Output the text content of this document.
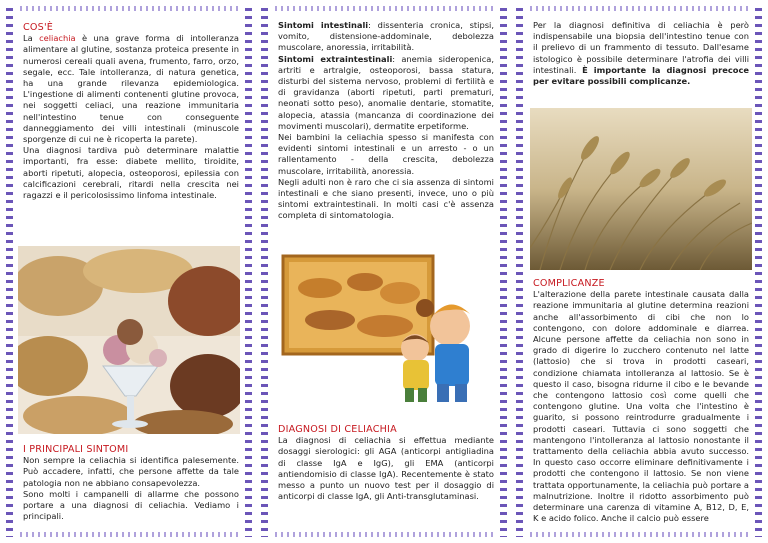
COS'È

La celiachia è una grave forma di intolleranza alimentare al glutine, sostanza proteica presente in numerosi cereali quali avena, frumento, farro, orzo, segale, ecc. Tale intolleranza, di natura genetica, ha una grande rilevanza epidemiologica. L'ingestione di alimenti contenenti glutine provoca, nei soggetti celiaci, una reazione immunitaria nell'intestino tenue con conseguente danneggiamento dei villi intestinali (minuscole sporgenze di cui ne è ricoperta la parete).

Una diagnosi tardiva può determinare malattie importanti, fra esse: diabete mellito, tiroidite, aborti ripetuti, alopecia, osteoporosi, epilessia con calcificazioni cerebrali, ritardi nella crescita nei ragazzi e il pericolosissimo linfoma intestinale.

I PRINCIPALI SINTOMI

Non sempre la celiachia si identifica palesemente. Può accadere, infatti, che persone affette da tale patologia non ne abbiano consapevolezza.

Sono molti i campanelli di allarme che possono portare a una diagnosi di celiachia. Vediamo i principali.

Sintomi intestinali: dissenteria cronica, stipsi, vomito, distensione-addominale, debolezza muscolare, anoressia, irritabilità.

Sintomi extraintestinali: anemia sideropenica, artriti e artralgie, osteoporosi, bassa statura, disturbi del sistema nervoso, problemi di fertilità e di gravidanza (aborti ripetuti, parti prematuri, neonati sotto peso), anomalie dentarie, stomatite, alopecia, atassia (mancanza di coordinazione dei movimenti muscolari), dermatite erpetiforme.

Nei bambini la celiachia spesso si manifesta con evidenti sintomi intestinali e un arresto - o un rallentamento - della crescita, debolezza muscolare, irritabilità, anoressia.

Negli adulti non è raro che ci sia assenza di sintomi intestinali e che siano presenti, invece, uno o più sintomi extraintestinali. In molti casi c'è assenza completa di sintomatologia.

DIAGNOSI DI CELIACHIA

La diagnosi di celiachia si effettua mediante dosaggi sierologici: gli AGA (anticorpi antigliadina di classe IgA e IgG), gli EMA (anticorpi antiendomisio di classe IgA). Recentemente è stato messo a punto un nuovo test per il dosaggio di anticorpi di classe IgA, gli Anti-transglutaminasi.

Per la diagnosi definitiva di celiachia è però indispensabile una biopsia dell'intestino tenue con il prelievo di un frammento di tessuto. Dall'esame istologico è possibile determinare l'atrofia dei villi intestinali. È importante la diagnosi precoce per evitare possibili complicanze.

COMPLICANZE

L'alterazione della parete intestinale causata dalla reazione immunitaria al glutine determina reazioni anche all'assorbimento di cibi che non lo contengono, con dolore addominale e diarrea. Alcune persone affette da celiachia non sono in grado di digerire lo zucchero contenuto nel latte (lattosio) che si trova in prodotti caseari, condizione chiamata intolleranza al lattosio. Se è questo il caso, bisogna ridurne il cibo e le bevande che contengono lattosio così come quelli che contengono glutine. Una volta che l'intestino è guarito, si possono reintrodurre gradualmente i prodotti caseari. Tuttavia ci sono soggetti che mantengono l'intolleranza al lattosio nonostante il trattamento della celiachia abbia avuto successo. In questo caso occorre eliminare definitivamente i prodotti che contengono il lattosio. Se non viene trattata opportunamente, la celiachia può portare a malnutrizione. Inoltre il ridotto assorbimento può determinare una carenza di vitamine A, B12, D, E, K e acido folico. Anche il calcio può essere
